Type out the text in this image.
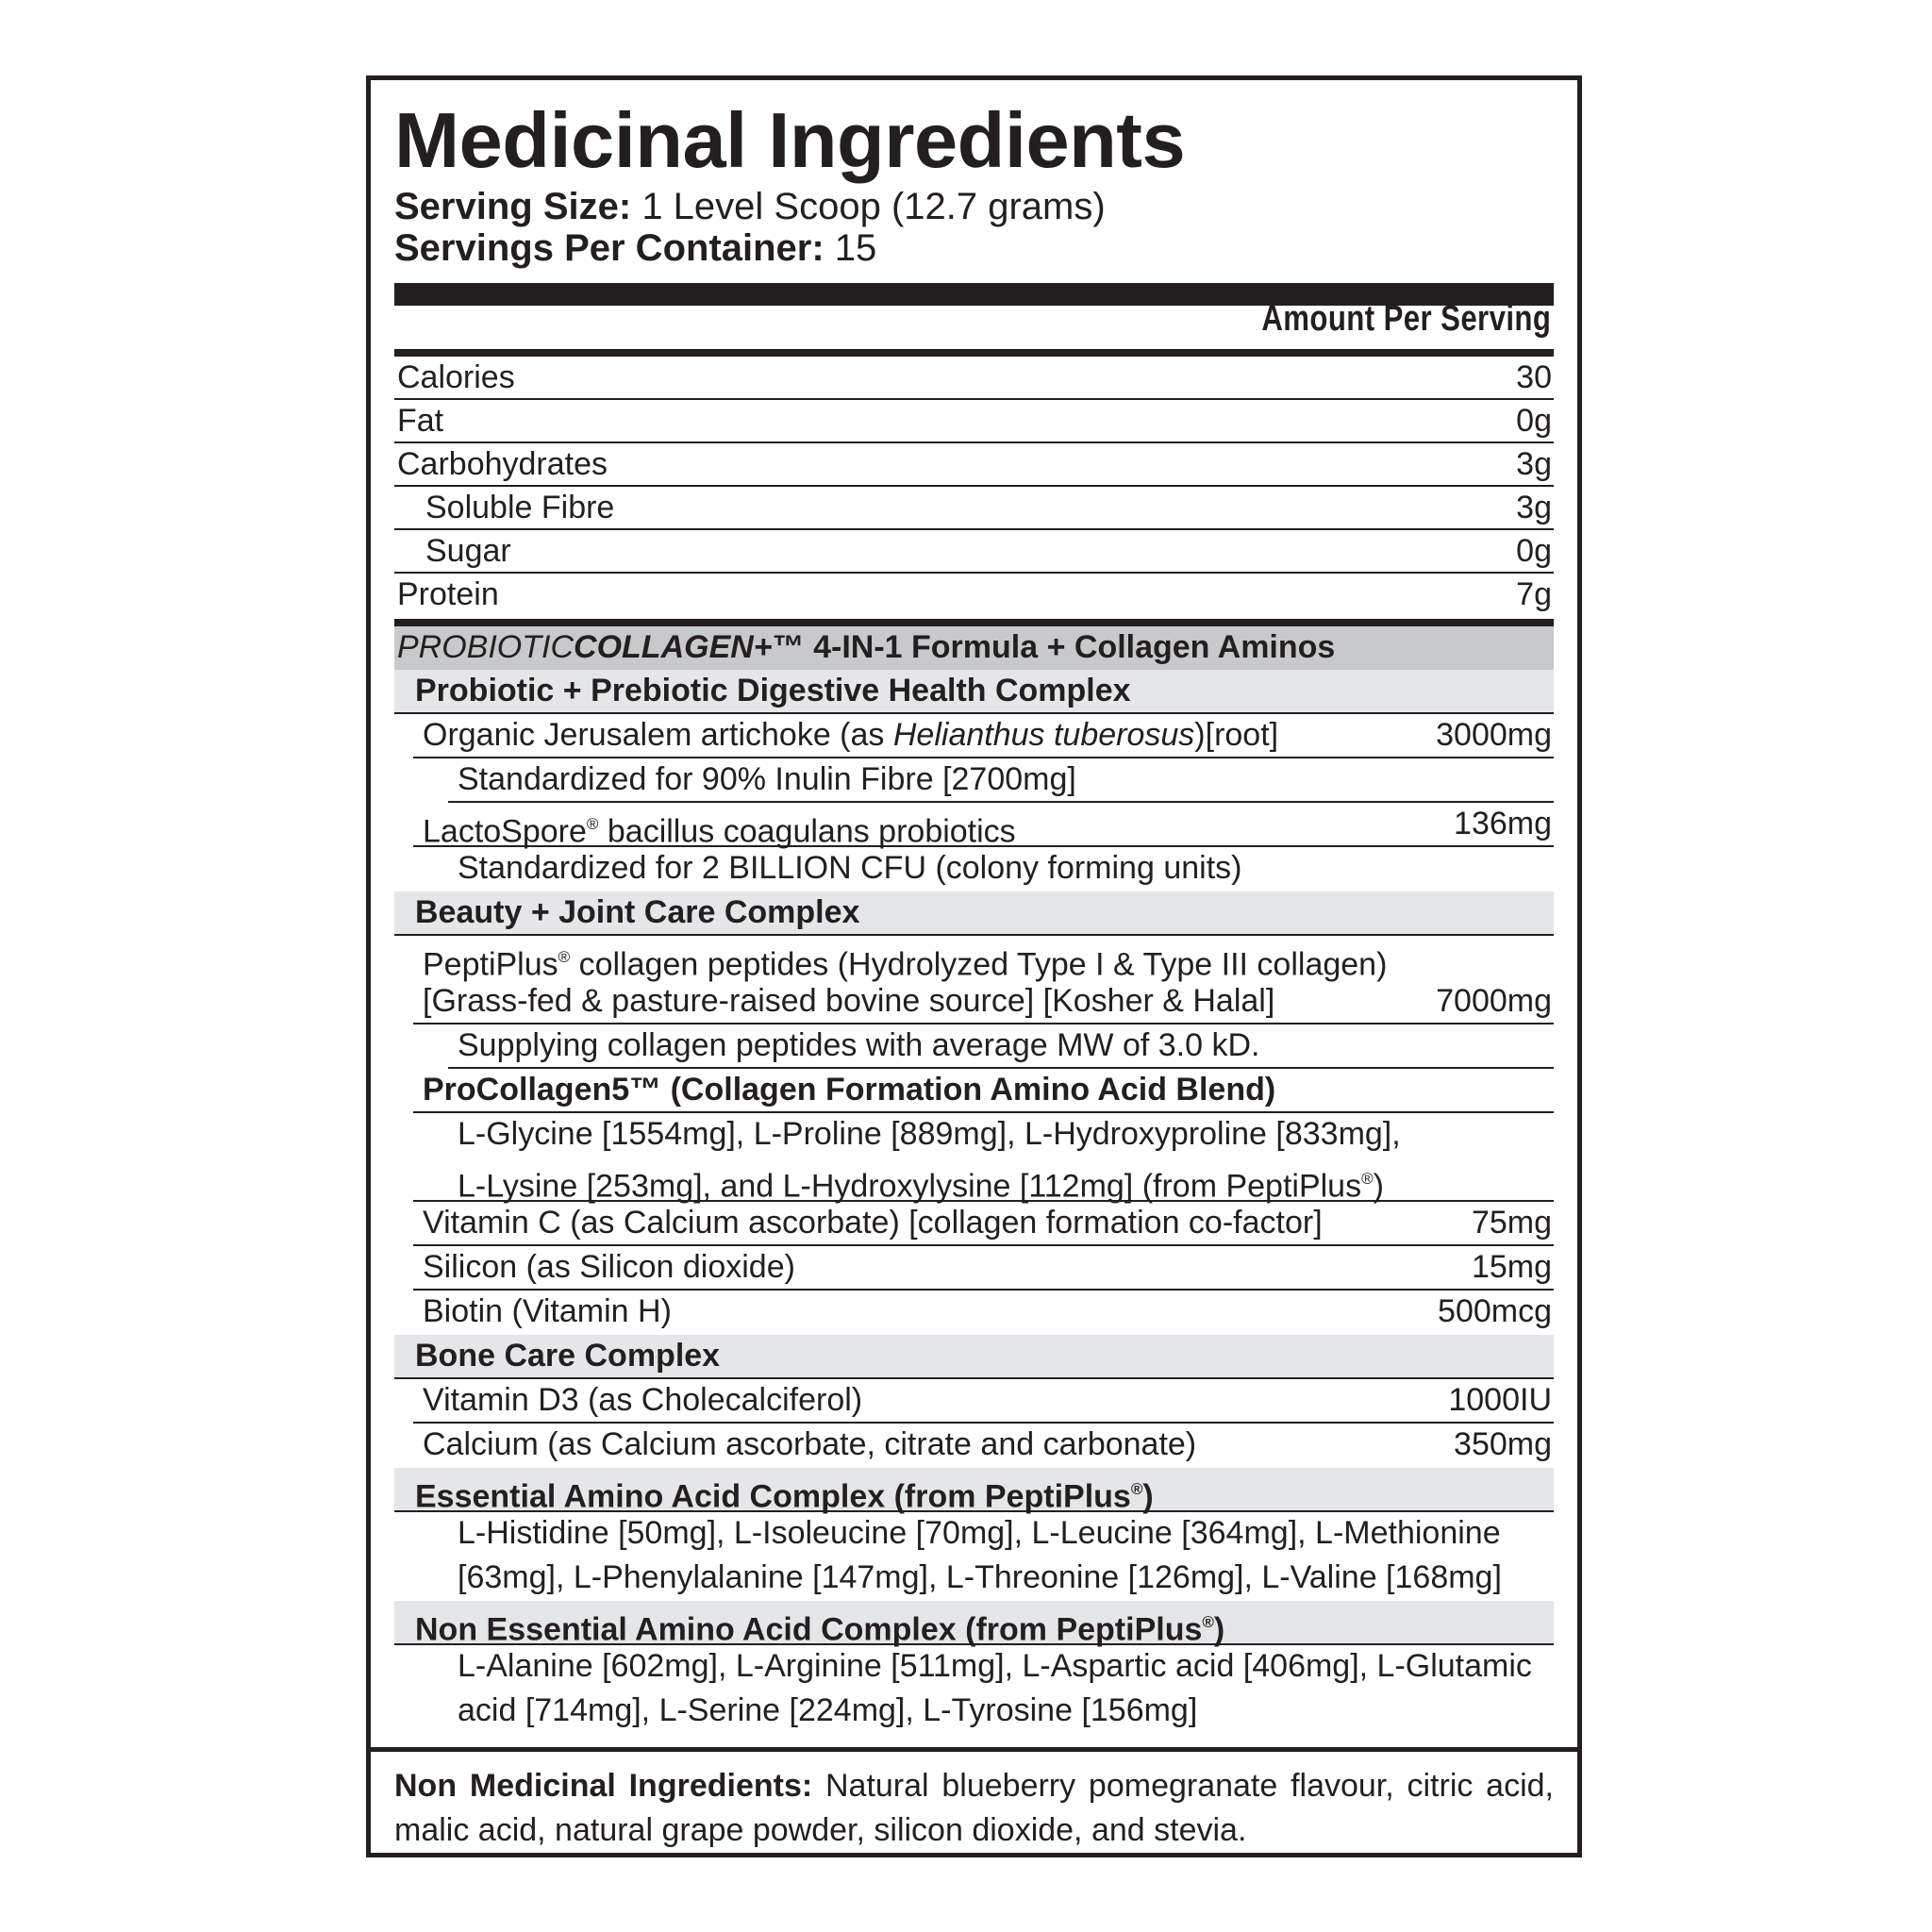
Medicinal Ingredients
Serving Size: 1 Level Scoop (12.7 grams)
Servings Per Container: 15
Amount Per Serving
Calories	30
Fat	0g
Carbohydrates	3g
Soluble Fibre	3g
Sugar	0g
Protein	7g
PROBIOTICCOLLAGEN+™ 4-IN-1 Formula + Collagen Aminos
Probiotic + Prebiotic Digestive Health Complex
Organic Jerusalem artichoke (as Helianthus tuberosus)[root]	3000mg
Standardized for 90% Inulin Fibre [2700mg]
LactoSpore® bacillus coagulans probiotics	136mg
Standardized for 2 BILLION CFU (colony forming units)
Beauty + Joint Care Complex
PeptiPlus® collagen peptides (Hydrolyzed Type I & Type III collagen)
[Grass-fed & pasture-raised bovine source] [Kosher & Halal]	7000mg
Supplying collagen peptides with average MW of 3.0 kD.
ProCollagen5™ (Collagen Formation Amino Acid Blend)
L-Glycine [1554mg], L-Proline [889mg], L-Hydroxyproline [833mg],
L-Lysine [253mg], and L-Hydroxylysine [112mg] (from PeptiPlus®)
Vitamin C (as Calcium ascorbate) [collagen formation co-factor]	75mg
Silicon (as Silicon dioxide)	15mg
Biotin (Vitamin H)	500mcg
Bone Care Complex
Vitamin D3 (as Cholecalciferol)	1000IU
Calcium (as Calcium ascorbate, citrate and carbonate)	350mg
Essential Amino Acid Complex (from PeptiPlus®)
L-Histidine [50mg], L-Isoleucine [70mg], L-Leucine [364mg], L-Methionine
[63mg], L-Phenylalanine [147mg], L-Threonine [126mg], L-Valine [168mg]
Non Essential Amino Acid Complex (from PeptiPlus®)
L-Alanine [602mg], L-Arginine [511mg], L-Aspartic acid [406mg], L-Glutamic
acid [714mg], L-Serine [224mg], L-Tyrosine [156mg]
Non Medicinal Ingredients: Natural blueberry pomegranate flavour, citric acid, malic acid, natural grape powder, silicon dioxide, and stevia.
